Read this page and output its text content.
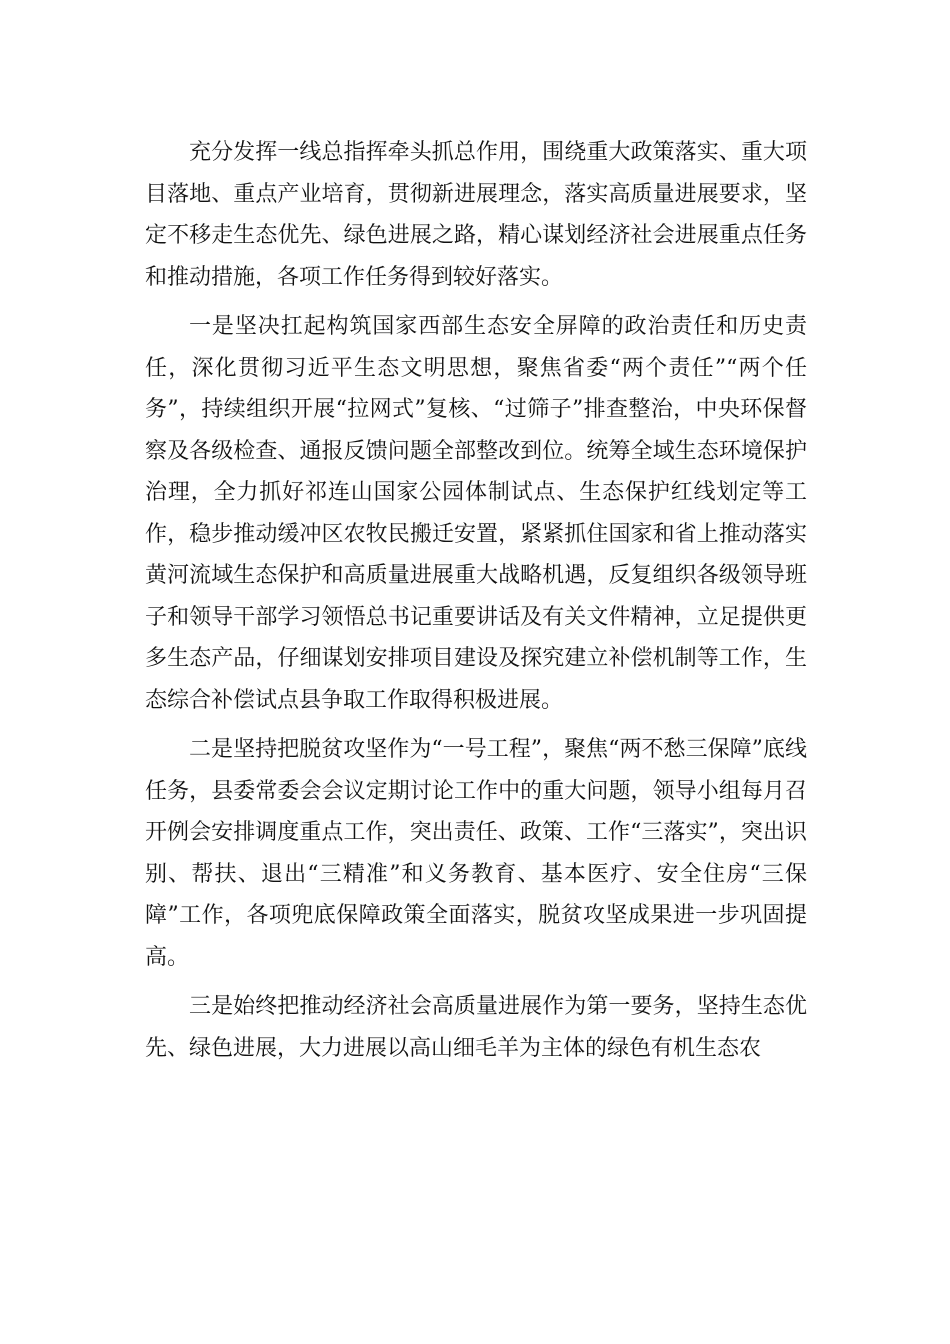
充分发挥一线总指挥牵头抓总作用，围绕重大政策落实、重大项目落地、重点产业培育，贯彻新进展理念，落实高质量进展要求，坚定不移走生态优先、绿色进展之路，精心谋划经济社会进展重点任务和推动措施，各项工作任务得到较好落实。

一是坚决扛起构筑国家西部生态安全屏障的政治责任和历史责任，深化贯彻习近平生态文明思想，聚焦省委“两个责任”“两个任务”，持续组织开展“拉网式”复核、“过筛子”排查整治，中央环保督察及各级检查、通报反馈问题全部整改到位。统筹全域生态环境保护治理，全力抓好祁连山国家公园体制试点、生态保护红线划定等工作，稳步推动缓冲区农牧民搬迁安置，紧紧抓住国家和省上推动落实黄河流域生态保护和高质量进展重大战略机遇，反复组织各级领导班子和领导干部学习领悟总书记重要讲话及有关文件精神，立足提供更多生态产品，仔细谋划安排项目建设及探究建立补偿机制等工作，生态综合补偿试点县争取工作取得积极进展。

二是坚持把脱贫攻坚作为“一号工程”，聚焦“两不愁三保障”底线任务，县委常委会会议定期讨论工作中的重大问题，领导小组每月召开例会安排调度重点工作，突出责任、政策、工作“三落实”，突出识别、帮扶、退出“三精准”和义务教育、基本医疗、安全住房“三保障”工作，各项兜底保障政策全面落实，脱贫攻坚成果进一步巩固提高。

三是始终把推动经济社会高质量进展作为第一要务，坚持生态优先、绿色进展，大力进展以高山细毛羊为主体的绿色有机生态农
